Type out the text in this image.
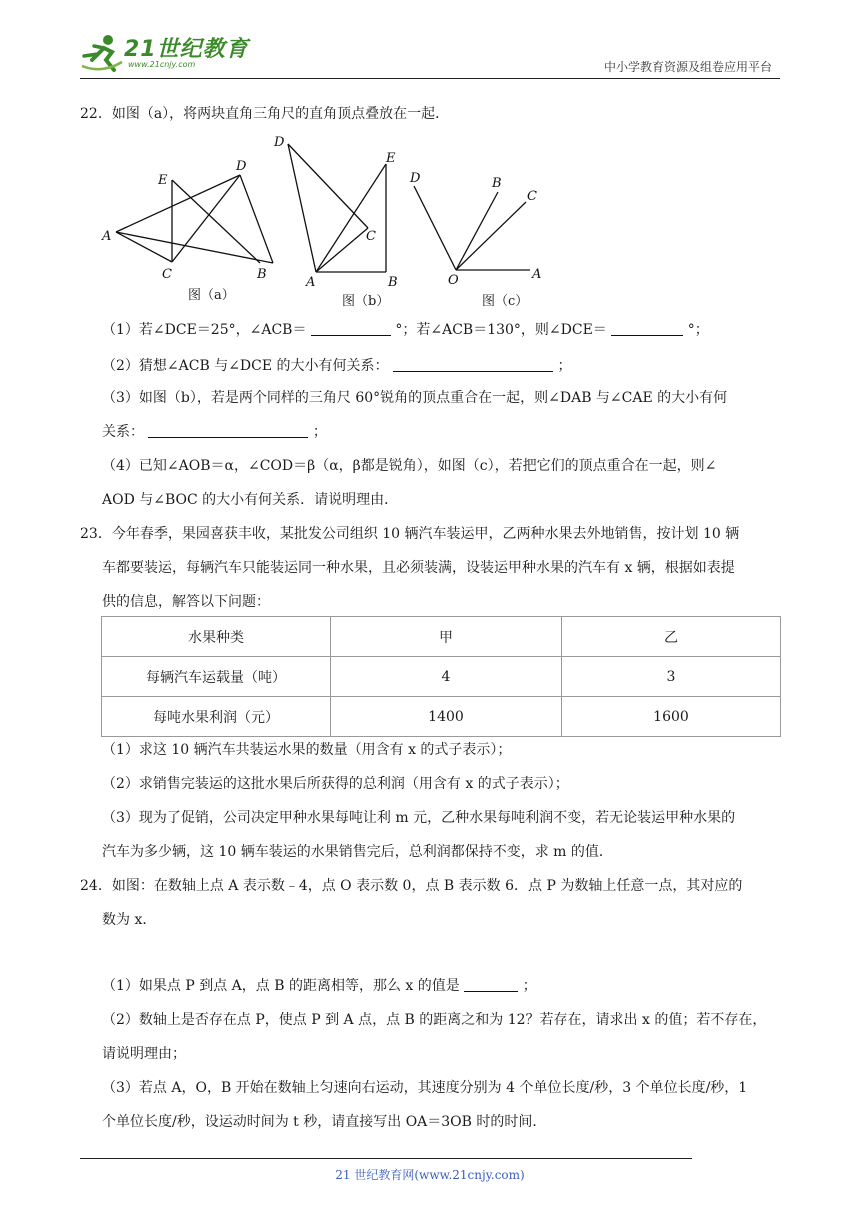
21世纪教育
www.21cnjy.com	中小学教育资源及组卷应用平台
22．如图（a），将两块直角三角尺的直角顶点叠放在一起．
A
E
D
C	B
图（a）
D
E
C
A	B
图（b）
D	B
C
O	A
图（c）
（1）若∠DCE＝25°，∠ACB＝	°；若∠ACB＝130°，则∠DCE＝	°；
（2）猜想∠ACB 与∠DCE 的大小有何关系：	；
（3）如图（b），若是两个同样的三角尺 60°锐角的顶点重合在一起，则∠DAB 与∠CAE 的大小有何
关系：	；
（4）已知∠AOB＝α，∠COD＝β（α，β都是锐角），如图（c），若把它们的顶点重合在一起，则∠
AOD 与∠BOC 的大小有何关系．请说明理由．
23．今年春季，果园喜获丰收，某批发公司组织 10 辆汽车装运甲，乙两种水果去外地销售，按计划 10 辆
车都要装运，每辆汽车只能装运同一种水果，且必须装满，设装运甲种水果的汽车有 x 辆，根据如表提
供的信息，解答以下问题：
水果种类	甲	乙
每辆汽车运载量（吨）	4	3
每吨水果利润（元）	1400	1600
（1）求这 10 辆汽车共装运水果的数量（用含有 x 的式子表示）；
（2）求销售完装运的这批水果后所获得的总利润（用含有 x 的式子表示）；
（3）现为了促销，公司决定甲种水果每吨让利 m 元，乙种水果每吨利润不变，若无论装运甲种水果的
汽车为多少辆，这 10 辆车装运的水果销售完后，总利润都保持不变，求 m 的值．
24．如图：在数轴上点 A 表示数﹣4，点 O 表示数 0，点 B 表示数 6．点 P 为数轴上任意一点，其对应的
数为 x．
（1）如果点 P 到点 A，点 B 的距离相等，那么 x 的值是	；
（2）数轴上是否存在点 P，使点 P 到 A 点，点 B 的距离之和为 12？若存在，请求出 x 的值；若不存在，
请说明理由；
（3）若点 A，O，B 开始在数轴上匀速向右运动，其速度分别为 4 个单位长度/秒，3 个单位长度/秒，1
个单位长度/秒，设运动时间为 t 秒，请直接写出 OA＝3OB 时的时间．
21 世纪教育网(www.21cnjy.com)
